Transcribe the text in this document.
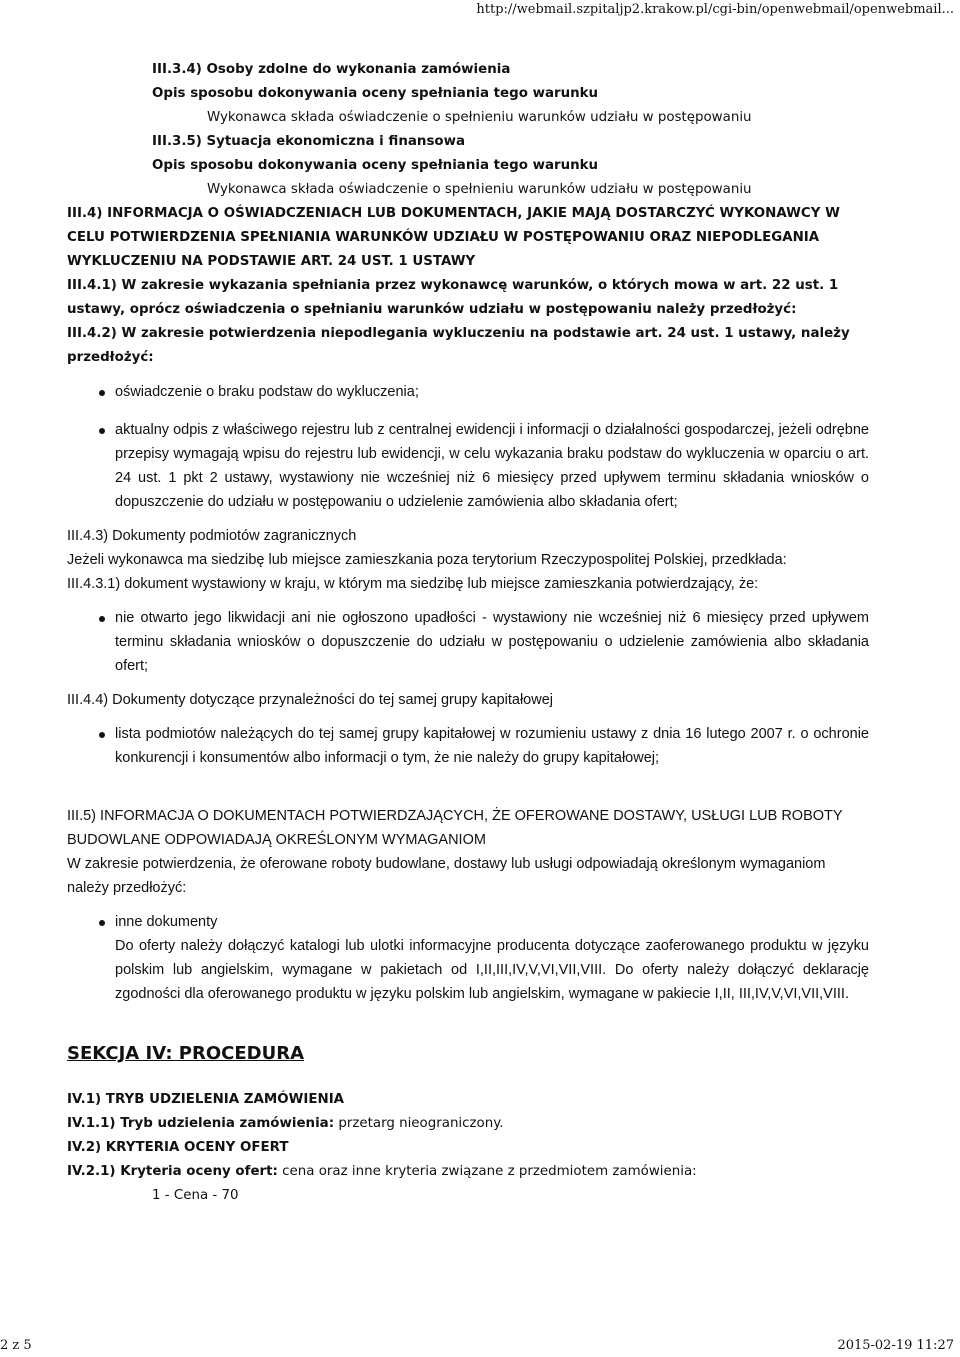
http://webmail.szpitaljp2.krakow.pl/cgi-bin/openwebmail/openwebmail...

III.3.4) Osoby zdolne do wykonania zamówienia

Opis sposobu dokonywania oceny spełniania tego warunku

Wykonawca składa oświadczenie o spełnieniu warunków udziału w postępowaniu

III.3.5) Sytuacja ekonomiczna i finansowa

Opis sposobu dokonywania oceny spełniania tego warunku

Wykonawca składa oświadczenie o spełnieniu warunków udziału w postępowaniu

III.4) INFORMACJA O OŚWIADCZENIACH LUB DOKUMENTACH, JAKIE MAJĄ DOSTARCZYĆ WYKONAWCY W CELU POTWIERDZENIA SPEŁNIANIA WARUNKÓW UDZIAŁU W POSTĘPOWANIU ORAZ NIEPODLEGANIA WYKLUCZENIU NA PODSTAWIE ART. 24 UST. 1 USTAWY

III.4.1) W zakresie wykazania spełniania przez wykonawcę warunków, o których mowa w art. 22 ust. 1 ustawy, oprócz oświadczenia o spełnianiu warunków udziału w postępowaniu należy przedłożyć:

III.4.2) W zakresie potwierdzenia niepodlegania wykluczeniu na podstawie art. 24 ust. 1 ustawy, należy przedłożyć:

oświadczenie o braku podstaw do wykluczenia;
aktualny odpis z właściwego rejestru lub z centralnej ewidencji i informacji o działalności gospodarczej, jeżeli odrębne przepisy wymagają wpisu do rejestru lub ewidencji, w celu wykazania braku podstaw do wykluczenia w oparciu o art. 24 ust. 1 pkt 2 ustawy, wystawiony nie wcześniej niż 6 miesięcy przed upływem terminu składania wniosków o dopuszczenie do udziału w postępowaniu o udzielenie zamówienia albo składania ofert;

III.4.3) Dokumenty podmiotów zagranicznych

Jeżeli wykonawca ma siedzibę lub miejsce zamieszkania poza terytorium Rzeczypospolitej Polskiej, przedkłada:

III.4.3.1) dokument wystawiony w kraju, w którym ma siedzibę lub miejsce zamieszkania potwierdzający, że:

nie otwarto jego likwidacji ani nie ogłoszono upadłości - wystawiony nie wcześniej niż 6 miesięcy przed upływem terminu składania wniosków o dopuszczenie do udziału w postępowaniu o udzielenie zamówienia albo składania ofert;

III.4.4) Dokumenty dotyczące przynależności do tej samej grupy kapitałowej

lista podmiotów należących do tej samej grupy kapitałowej w rozumieniu ustawy z dnia 16 lutego 2007 r. o ochronie konkurencji i konsumentów albo informacji o tym, że nie należy do grupy kapitałowej;

III.5) INFORMACJA O DOKUMENTACH POTWIERDZAJĄCYCH, ŻE OFEROWANE DOSTAWY, USŁUGI LUB ROBOTY BUDOWLANE ODPOWIADAJĄ OKREŚLONYM WYMAGANIOM

W zakresie potwierdzenia, że oferowane roboty budowlane, dostawy lub usługi odpowiadają określonym wymaganiom należy przedłożyć:

inne dokumenty
Do oferty należy dołączyć katalogi lub ulotki informacyjne producenta dotyczące zaoferowanego produktu w języku polskim lub angielskim, wymagane w pakietach od I,II,III,IV,V,VI,VII,VIII. Do oferty należy dołączyć deklarację zgodności dla oferowanego produktu w języku polskim lub angielskim, wymagane w pakiecie I,II, III,IV,V,VI,VII,VIII.

SEKCJA IV: PROCEDURA

IV.1) TRYB UDZIELENIA ZAMÓWIENIA

IV.1.1) Tryb udzielenia zamówienia: przetarg nieograniczony.

IV.2) KRYTERIA OCENY OFERT

IV.2.1) Kryteria oceny ofert: cena oraz inne kryteria związane z przedmiotem zamówienia:

1 - Cena - 70

2 z 5	2015-02-19 11:27
